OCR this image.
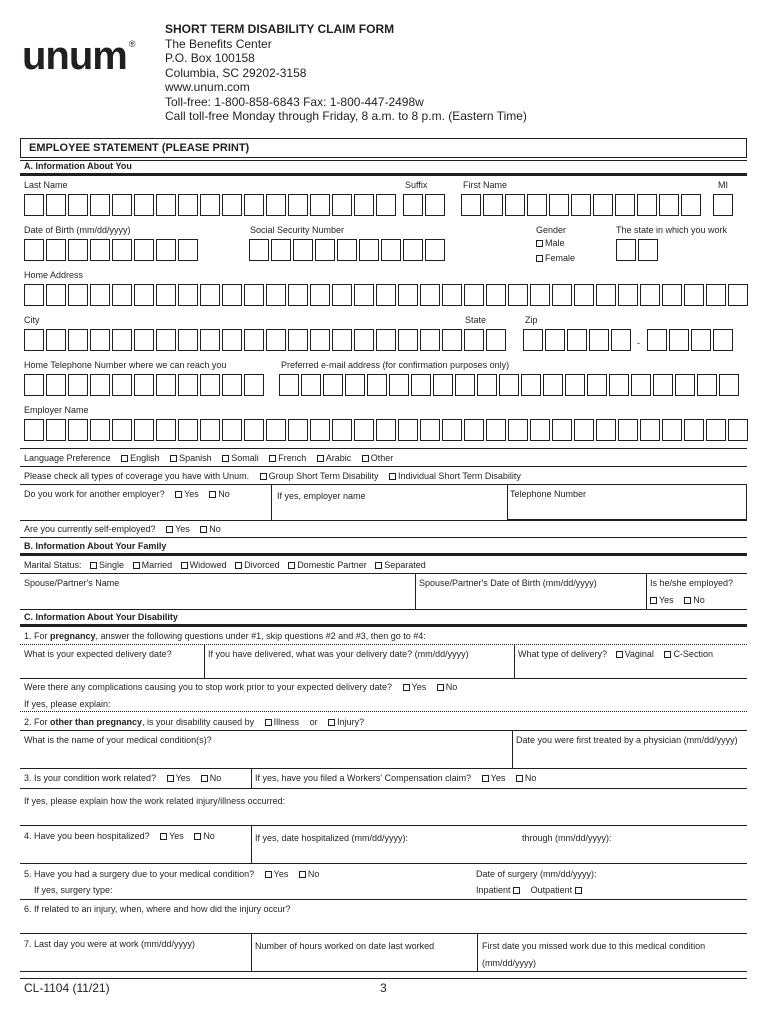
unum ®
SHORT TERM DISABILITY CLAIM FORM
The Benefits Center
P.O. Box 100158
Columbia, SC 29202-3158
www.unum.com
Toll-free: 1-800-858-6843 Fax: 1-800-447-2498w
Call toll-free Monday through Friday, 8 a.m. to 8 p.m. (Eastern Time)
EMPLOYEE STATEMENT (PLEASE PRINT)
A. Information About You
Last Name	Suffix	First Name	MI
Date of Birth (mm/dd/yyyy)	Social Security Number	Gender	The state in which you work
Male
Female
Home Address
City	State	Zip
-
Home Telephone Number where we can reach you	Preferred e-mail address (for confirmation purposes only)
Employer Name
Language Preference English Spanish Somali French Arabic Other
Please check all types of coverage you have with Unum. Group Short Term Disability Individual Short Term Disability
Do you work for another employer? Yes No	If yes, employer name	Telephone Number
Are you currently self-employed? Yes No
B. Information About Your Family
Marital Status: Single Married Widowed Divorced Domestic Partner Separated
Spouse/Partner's Name	Spouse/Partner's Date of Birth (mm/dd/yyyy)	Is he/she employed?
Yes No
C. Information About Your Disability
1. For pregnancy, answer the following questions under #1, skip questions #2 and #3, then go to #4:
What is your expected delivery date?	If you have delivered, what was your delivery date? (mm/dd/yyyy)	What type of delivery? Vaginal C-Section
Were there any complications causing you to stop work prior to your expected delivery date? Yes No
If yes, please explain:
2. For other than pregnancy, is your disability caused by Illness or Injury?
What is the name of your medical condition(s)?	Date you were first treated by a physician (mm/dd/yyyy)
3. Is your condition work related? Yes No	If yes, have you filed a Workers' Compensation claim? Yes No
If yes, please explain how the work related injury/illness occurred:
4. Have you been hospitalized? Yes No	If yes, date hospitalized (mm/dd/yyyy):	through (mm/dd/yyyy):
5. Have you had a surgery due to your medical condition? Yes No	Date of surgery (mm/dd/yyyy):
If yes, surgery type:	Inpatient Outpatient
6. If related to an injury, when, where and how did the injury occur?
7. Last day you were at work (mm/dd/yyyy)	Number of hours worked on date last worked	First date you missed work due to this medical condition
(mm/dd/yyyy)
CL-1104 (11/21)	3
